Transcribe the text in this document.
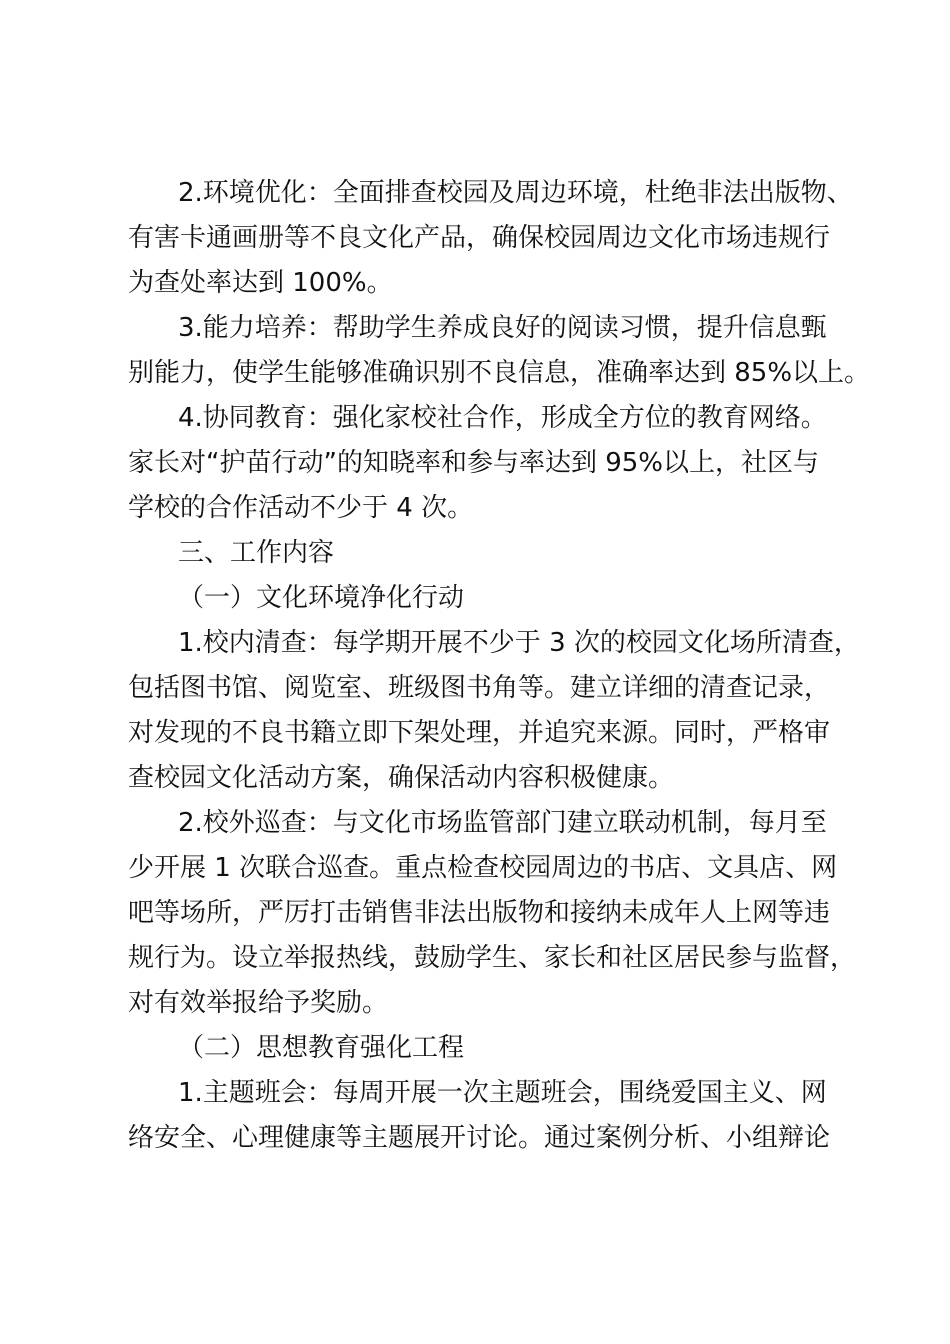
2.环境优化：全面排查校园及周边环境，杜绝非法出版物、
有害卡通画册等不良文化产品，确保校园周边文化市场违规行
为查处率达到 100%。
3.能力培养：帮助学生养成良好的阅读习惯，提升信息甄
别能力，使学生能够准确识别不良信息，准确率达到 85%以上。
4.协同教育：强化家校社合作，形成全方位的教育网络。
家长对“护苗行动”的知晓率和参与率达到 95%以上，社区与
学校的合作活动不少于 4 次。
三、工作内容
（一）文化环境净化行动
1.校内清查：每学期开展不少于 3 次的校园文化场所清查，
包括图书馆、阅览室、班级图书角等。建立详细的清查记录，
对发现的不良书籍立即下架处理，并追究来源。同时，严格审
查校园文化活动方案，确保活动内容积极健康。
2.校外巡查：与文化市场监管部门建立联动机制，每月至
少开展 1 次联合巡查。重点检查校园周边的书店、文具店、网
吧等场所，严厉打击销售非法出版物和接纳未成年人上网等违
规行为。设立举报热线，鼓励学生、家长和社区居民参与监督，
对有效举报给予奖励。
（二）思想教育强化工程
1.主题班会：每周开展一次主题班会，围绕爱国主义、网
络安全、心理健康等主题展开讨论。通过案例分析、小组辩论
